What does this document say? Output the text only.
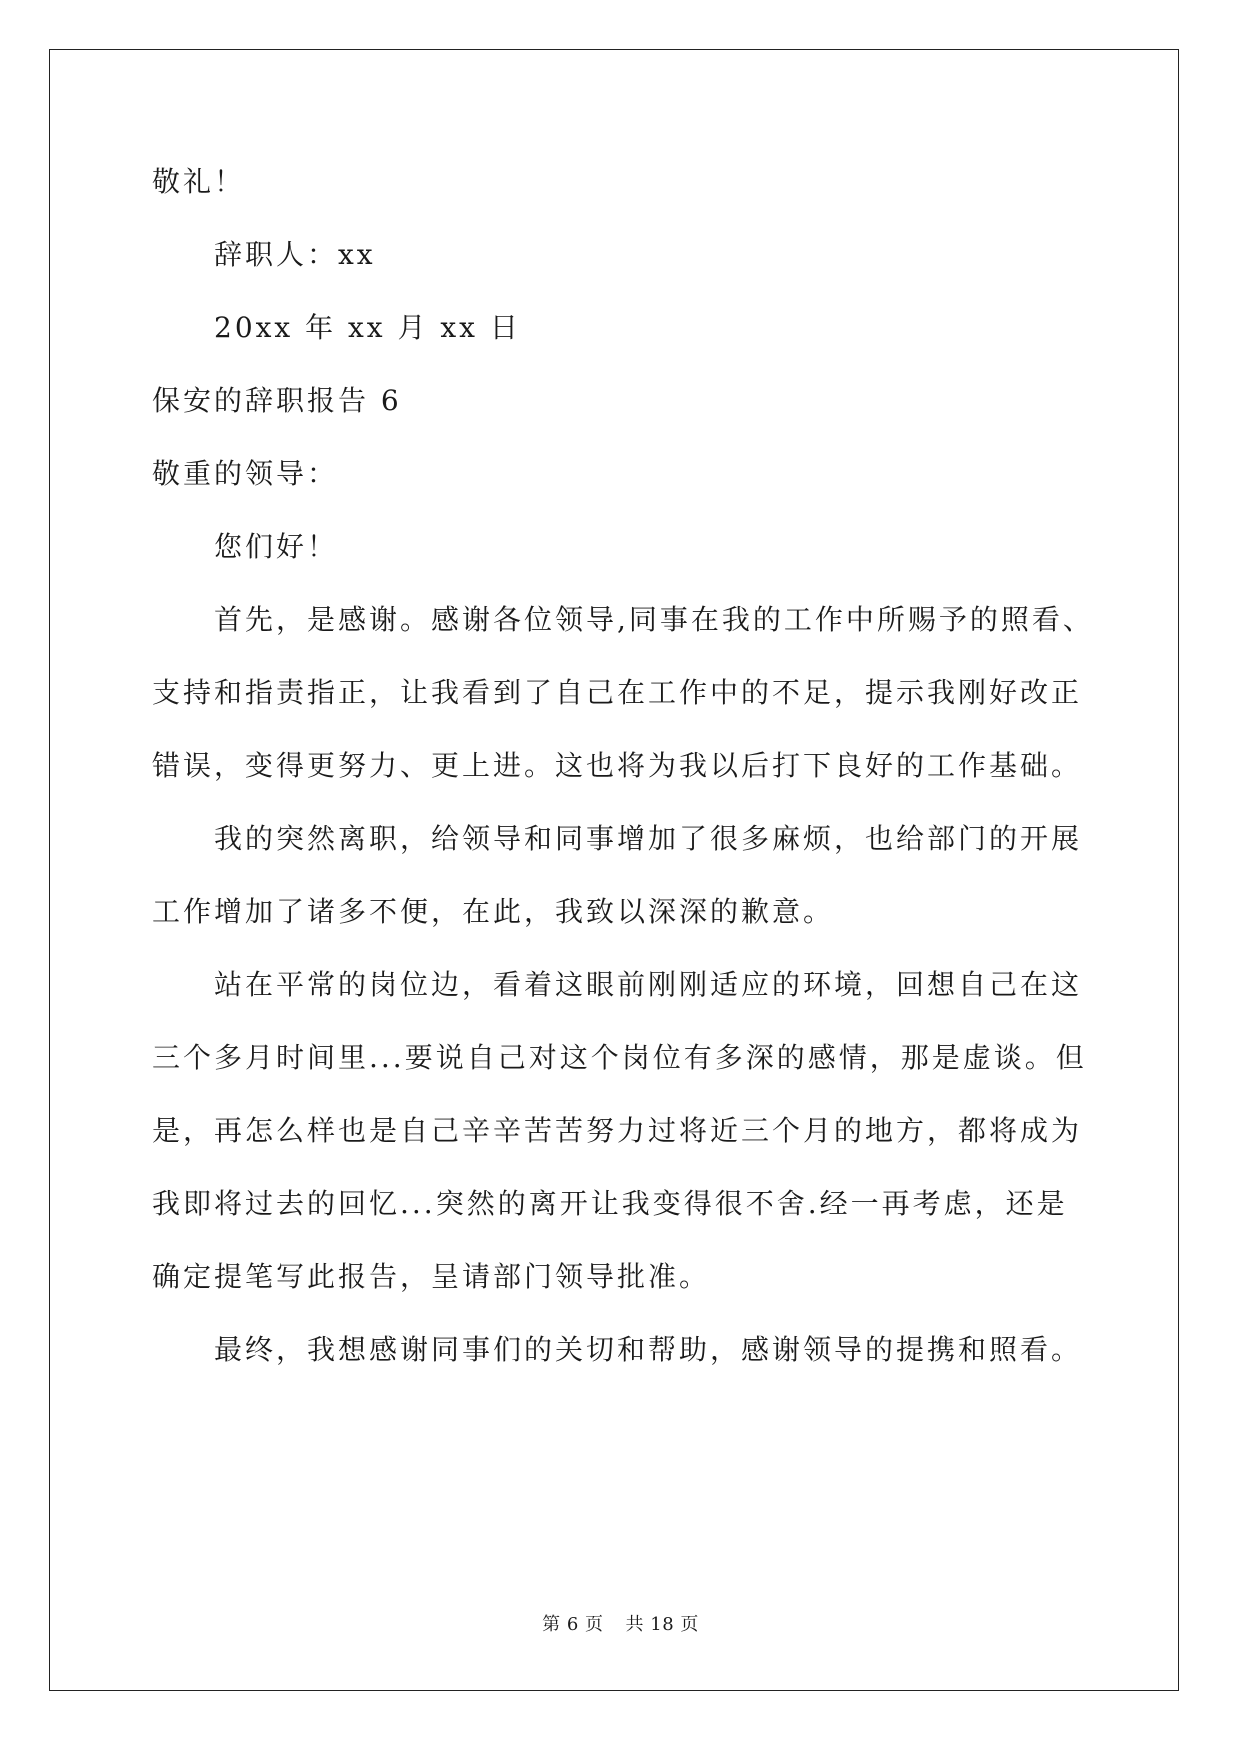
敬礼！
辞职人：xx
20xx 年 xx 月 xx 日
保安的辞职报告 6
敬重的领导：
您们好！
首先，是感谢。感谢各位领导,同事在我的工作中所赐予的照看、
支持和指责指正，让我看到了自己在工作中的不足，提示我刚好改正
错误，变得更努力、更上进。这也将为我以后打下良好的工作基础。
我的突然离职，给领导和同事增加了很多麻烦，也给部门的开展
工作增加了诸多不便，在此，我致以深深的歉意。
站在平常的岗位边，看着这眼前刚刚适应的环境，回想自己在这
三个多月时间里...要说自己对这个岗位有多深的感情，那是虚谈。但
是，再怎么样也是自己辛辛苦苦努力过将近三个月的地方，都将成为
我即将过去的回忆...突然的离开让我变得很不舍.经一再考虑，还是
确定提笔写此报告，呈请部门领导批准。
最终，我想感谢同事们的关切和帮助，感谢领导的提携和照看。
第 6 页 共 18 页
